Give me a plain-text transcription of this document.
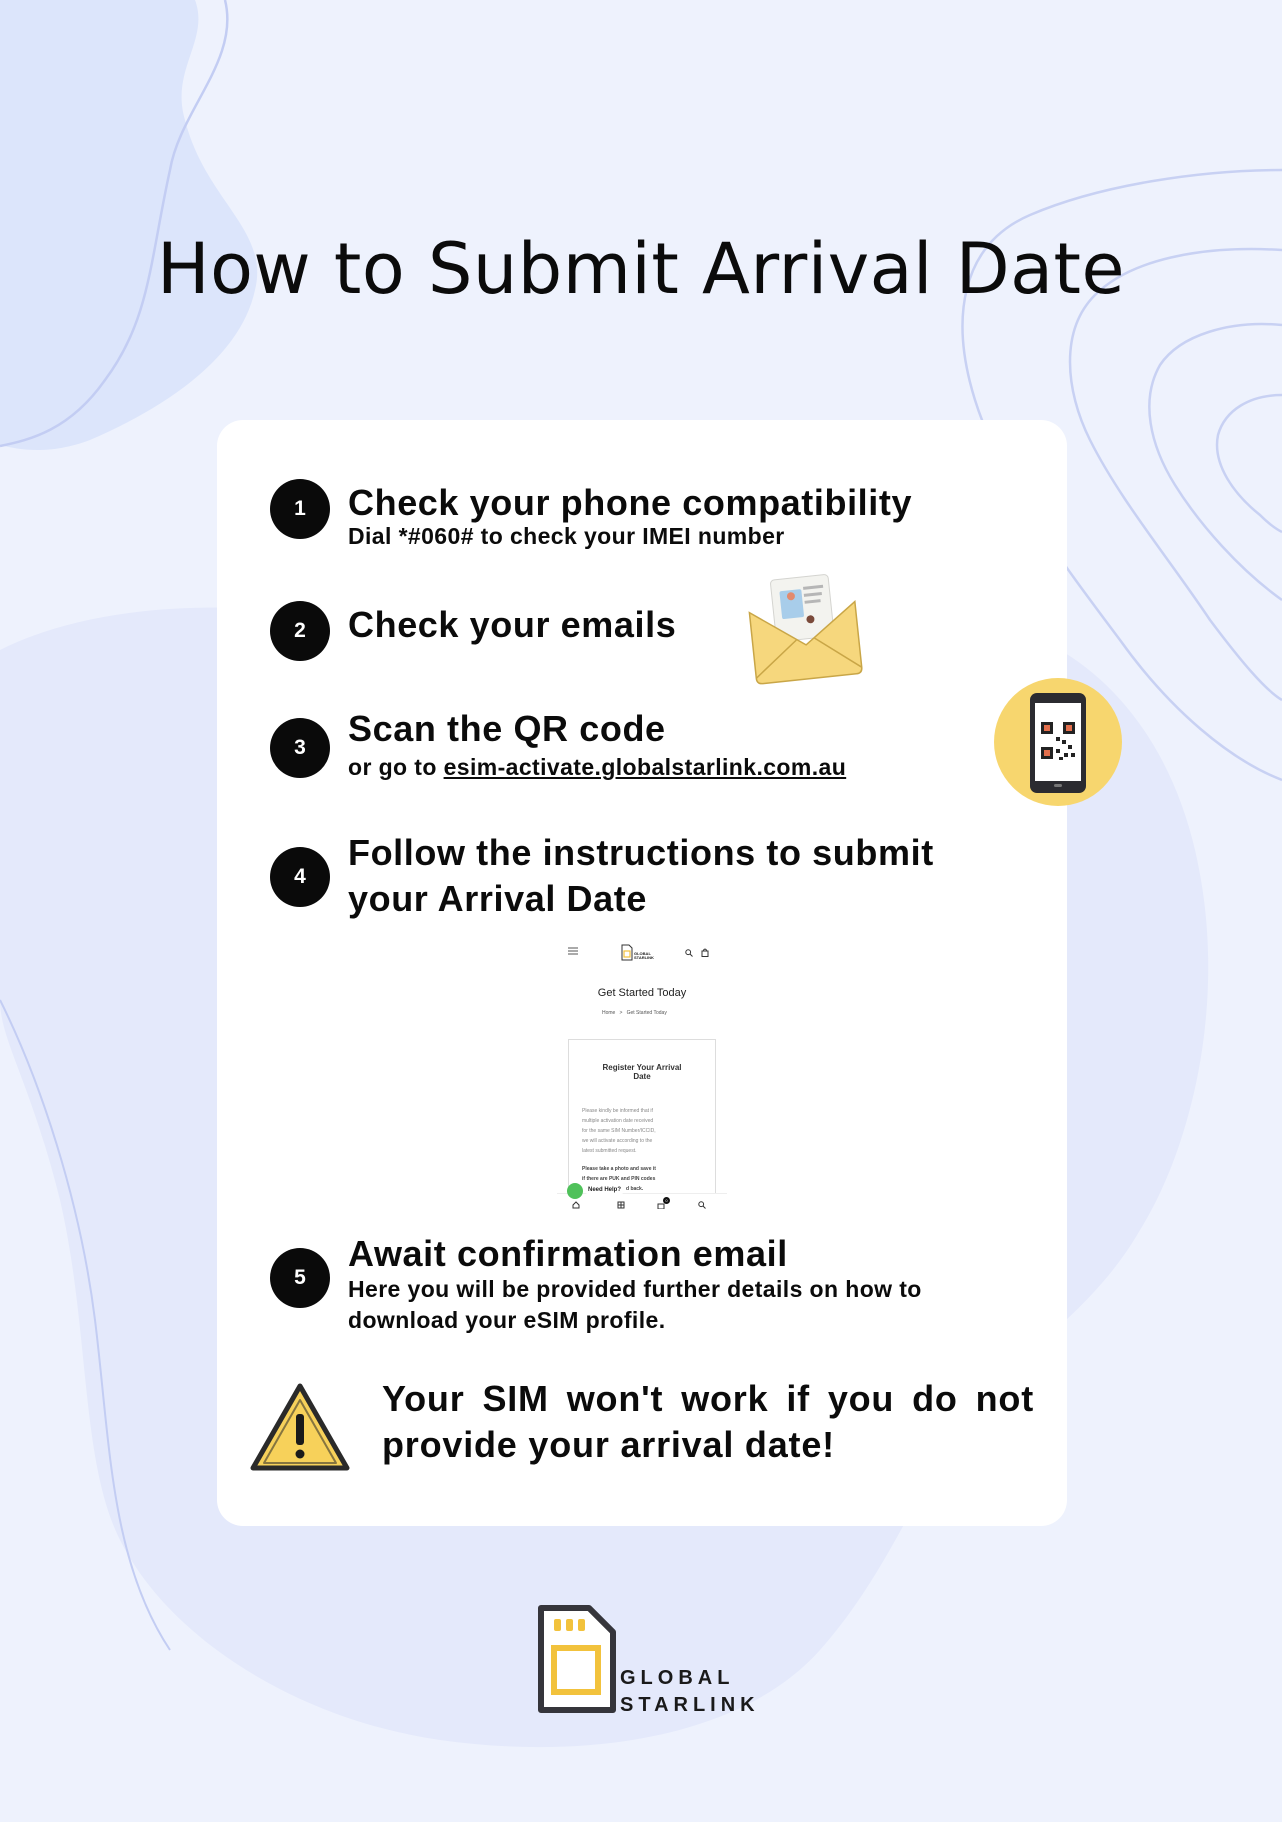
How to Submit Arrival Date
1	Check your phone compatibility
Dial *#060# to check your IMEI number
2	Check your emails
3	Scan the QR code
or go to esim-activate.globalstarlink.com.au
4
Follow the instructions to submit
your Arrival Date
GLOBAL
STARLINK
Get Started Today
Home > Get Started Today
Register Your Arrival
Date
Please kindly be informed that if
multiple activation date received
for the same SIM Number/ICCID,
we will activate according to the
latest submitted request.
Please take a photo and save it
if there are PUK and PIN codes
d back.
Need Help?
0
5
Await confirmation email
Here you will be provided further details on how to
download your eSIM profile.
Your SIM won't work if you do not provide your arrival date!
GLOBAL
STARLINK
